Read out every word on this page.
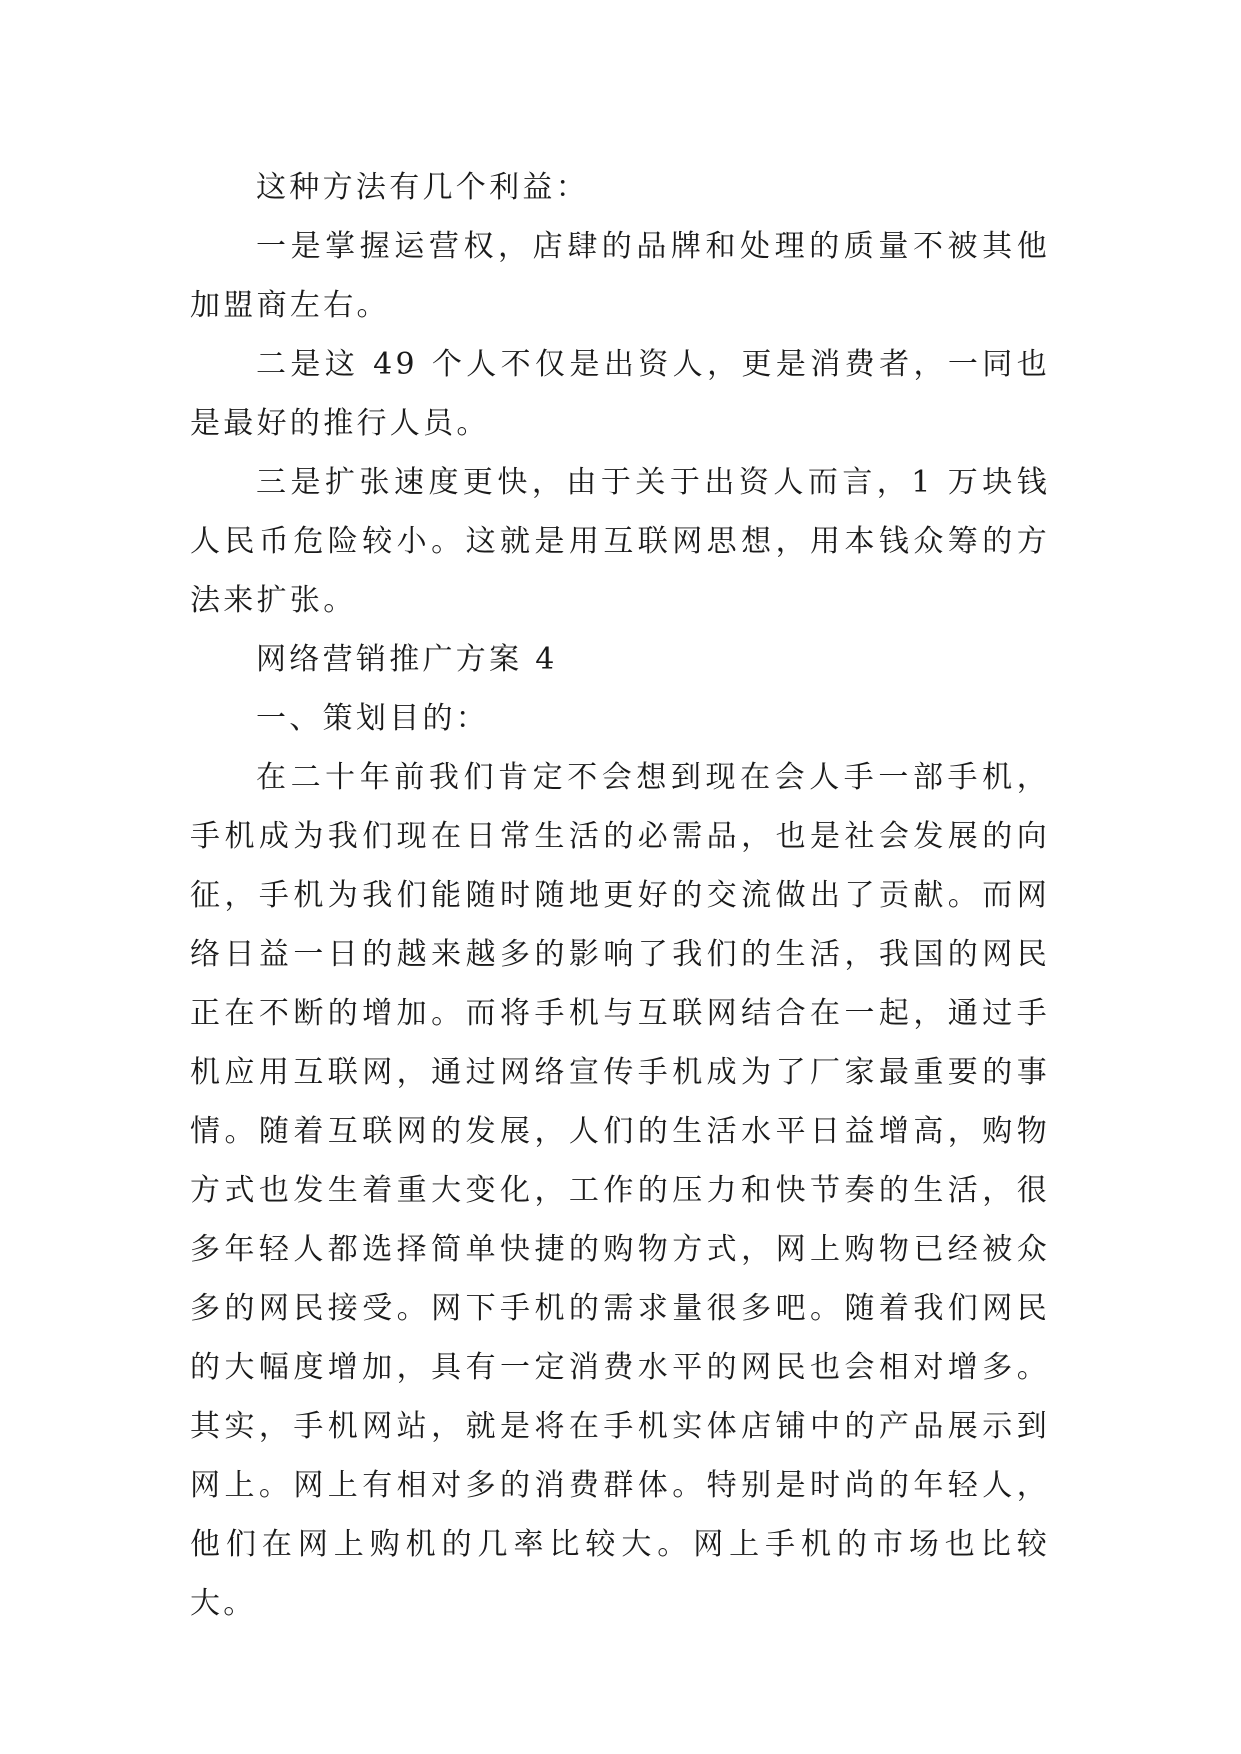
这种方法有几个利益：

一是掌握运营权，店肆的品牌和处理的质量不被其他加盟商左右。

二是这 49 个人不仅是出资人，更是消费者，一同也是最好的推行人员。

三是扩张速度更快，由于关于出资人而言，1 万块钱人民币危险较小。这就是用互联网思想，用本钱众筹的方法来扩张。

网络营销推广方案 4

一、策划目的：

在二十年前我们肯定不会想到现在会人手一部手机，手机成为我们现在日常生活的必需品，也是社会发展的向征，手机为我们能随时随地更好的交流做出了贡献。而网络日益一日的越来越多的影响了我们的生活，我国的网民正在不断的增加。而将手机与互联网结合在一起，通过手机应用互联网，通过网络宣传手机成为了厂家最重要的事情。随着互联网的发展，人们的生活水平日益增高，购物方式也发生着重大变化，工作的压力和快节奏的生活，很多年轻人都选择简单快捷的购物方式，网上购物已经被众多的网民接受。网下手机的需求量很多吧。随着我们网民的大幅度增加，具有一定消费水平的网民也会相对增多。其实，手机网站，就是将在手机实体店铺中的产品展示到网上。网上有相对多的消费群体。特别是时尚的年轻人，他们在网上购机的几率比较大。网上手机的市场也比较大。
